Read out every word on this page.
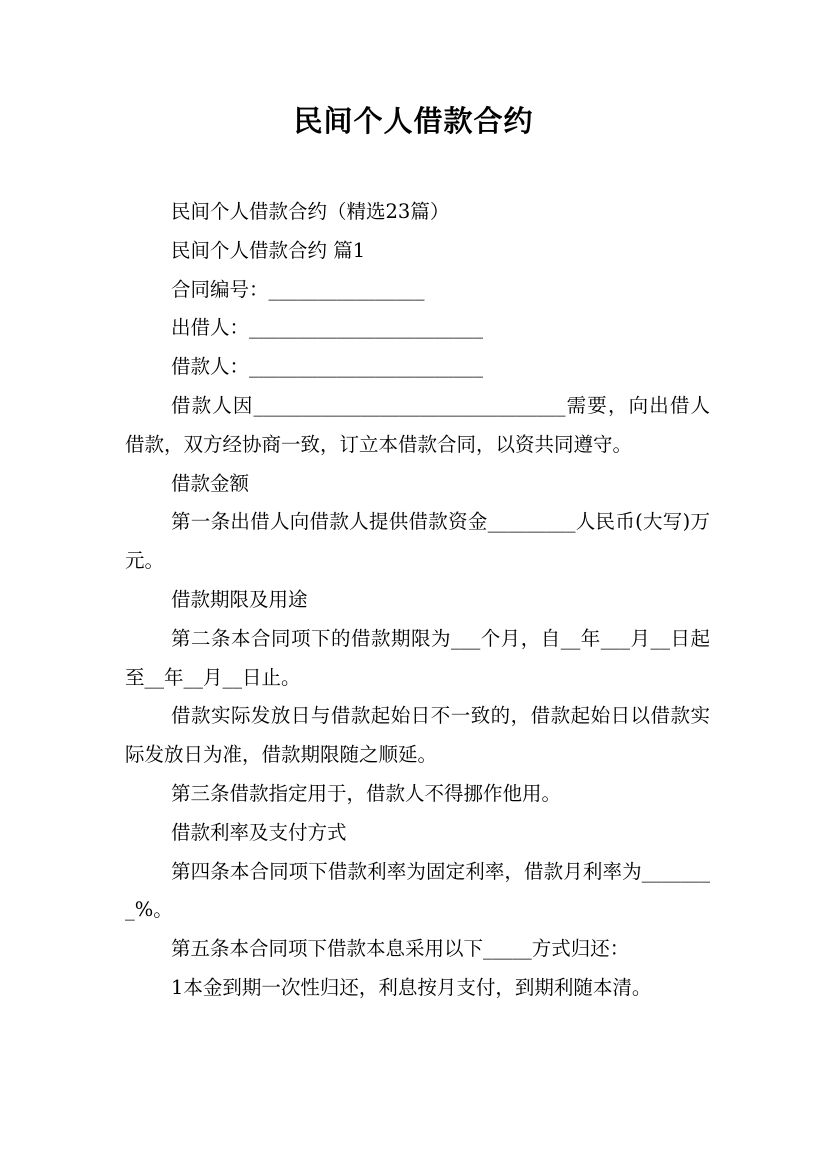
民间个人借款合约

民间个人借款合约（精选23篇）

民间个人借款合约 篇1

合同编号：________________

出借人：________________________

借款人：________________________

借款人因________________________________需要，向出借人借款，双方经协商一致，订立本借款合同，以资共同遵守。

借款金额

第一条出借人向借款人提供借款资金_________人民币(大写)万元。

借款期限及用途

第二条本合同项下的借款期限为___个月，自__年___月__日起至__年__月__日止。

借款实际发放日与借款起始日不一致的，借款起始日以借款实际发放日为准，借款期限随之顺延。

第三条借款指定用于，借款人不得挪作他用。

借款利率及支付方式

第四条本合同项下借款利率为固定利率，借款月利率为________%。

第五条本合同项下借款本息采用以下_____方式归还：

1本金到期一次性归还，利息按月支付，到期利随本清。
